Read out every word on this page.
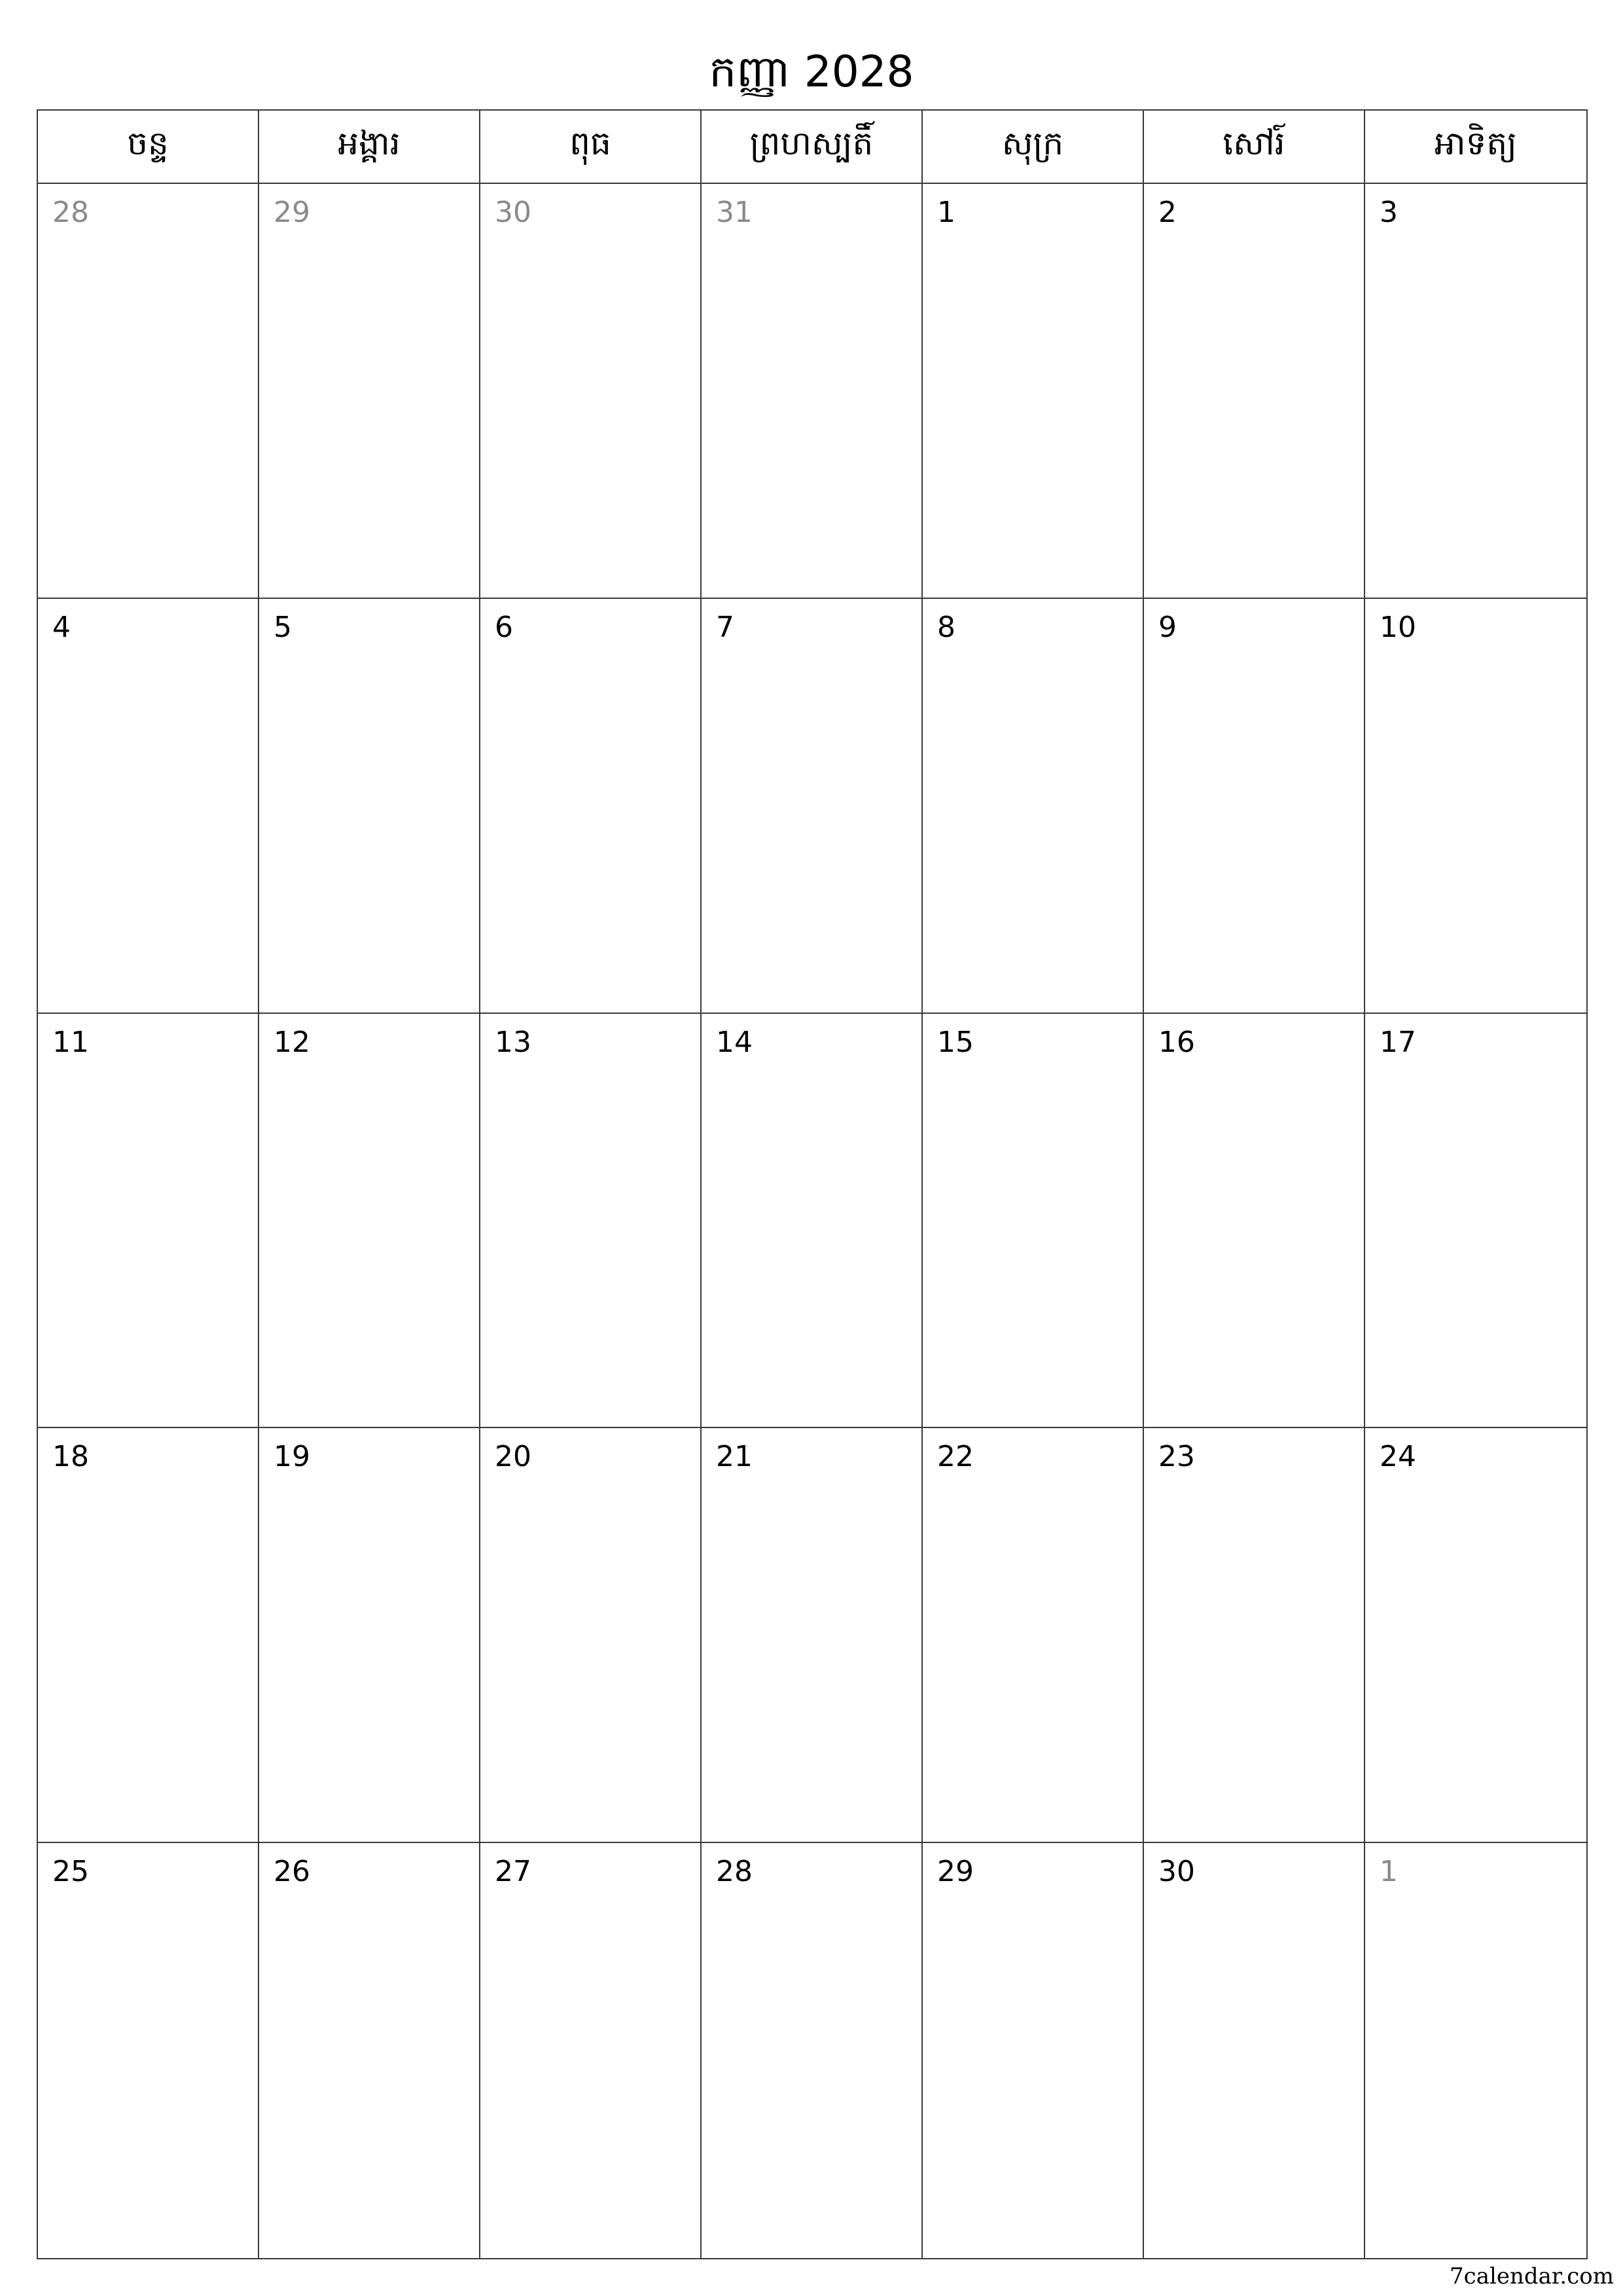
កញ្ញា 2028
ចន្ទ	អង្គារ	ពុធ	ព្រហស្បតិ៍	សុក្រ	សៅរ៍	អាទិត្យ
28	29	30	31	1	2	3
4	5	6	7	8	9	10
11	12	13	14	15	16	17
18	19	20	21	22	23	24
25	26	27	28	29	30	1
7calendar.com
